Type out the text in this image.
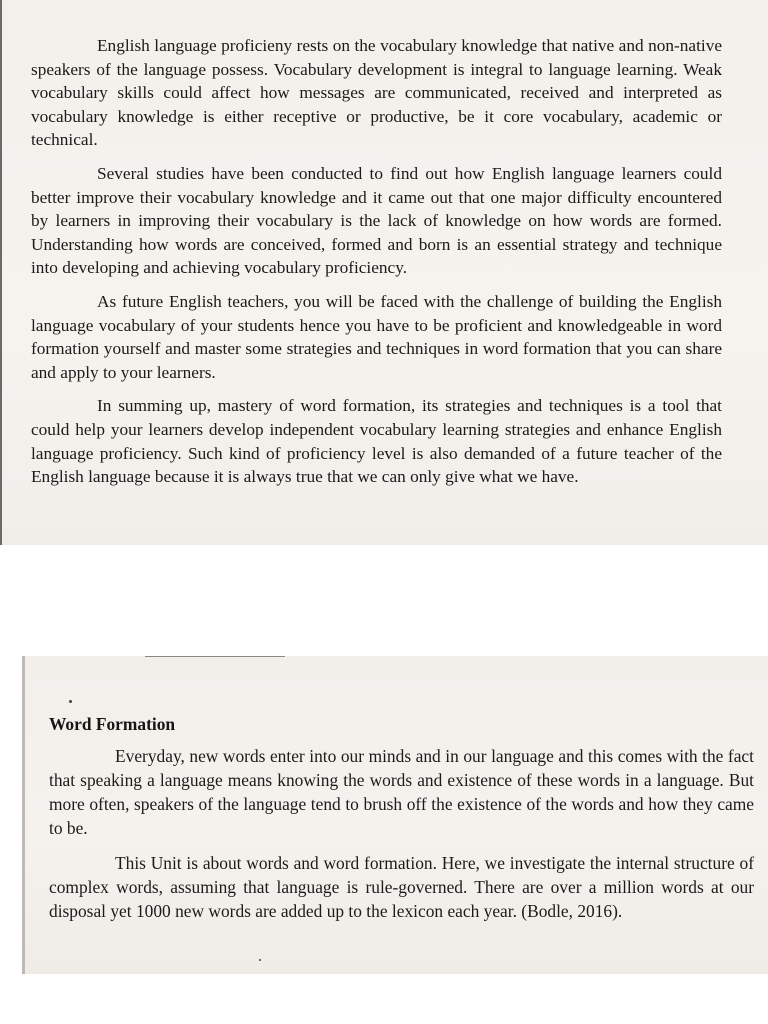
English language proficieny rests on the vocabulary knowledge that native and non-native speakers of the language possess. Vocabulary development is integral to language learning. Weak vocabulary skills could affect how messages are communicated, received and interpreted as vocabulary knowledge is either receptive or productive, be it core vocabulary, academic or technical.

Several studies have been conducted to find out how English language learners could better improve their vocabulary knowledge and it came out that one major difficulty encountered by learners in improving their vocabulary is the lack of knowledge on how words are formed. Understanding how words are conceived, formed and born is an essential strategy and technique into developing and achieving vocabulary proficiency.

As future English teachers, you will be faced with the challenge of building the English language vocabulary of your students hence you have to be proficient and knowledgeable in word formation yourself and master some strategies and techniques in word formation that you can share and apply to your learners.

In summing up, mastery of word formation, its strategies and techniques is a tool that could help your learners develop independent vocabulary learning strategies and enhance English language proficiency. Such kind of proficiency level is also demanded of a future teacher of the English language because it is always true that we can only give what we have.

Word Formation

Everyday, new words enter into our minds and in our language and this comes with the fact that speaking a language means knowing the words and existence of these words in a language. But more often, speakers of the language tend to brush off the existence of the words and how they came to be.

This Unit is about words and word formation. Here, we investigate the internal structure of complex words, assuming that language is rule-governed. There are over a million words at our disposal yet 1000 new words are added up to the lexicon each year. (Bodle, 2016).
